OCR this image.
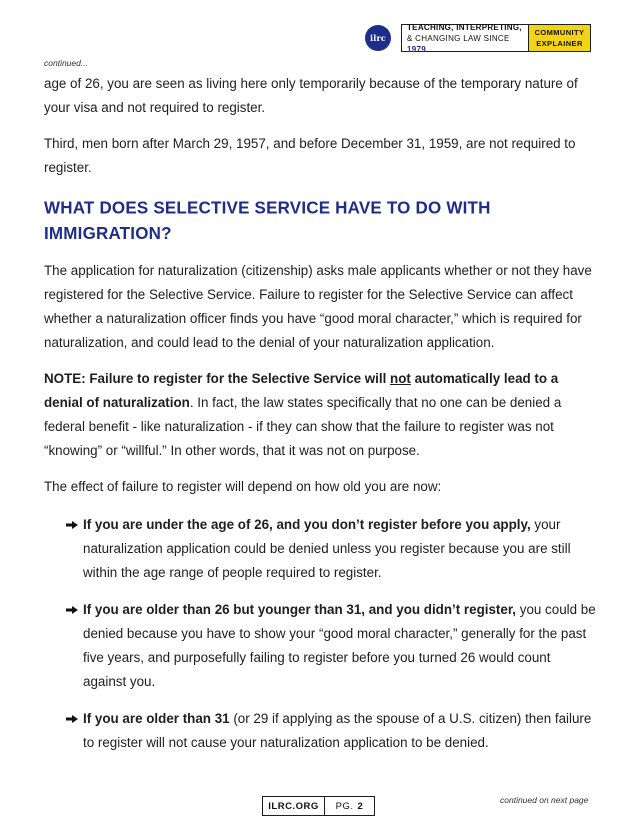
ilrc
TEACHING, INTERPRETING,
& CHANGING LAW SINCE 1979
COMMUNITY
EXPLAINER
continued...

age of 26, you are seen as living here only temporarily because of the temporary nature of your visa and not required to register.

Third, men born after March 29, 1957, and before December 31, 1959, are not required to register.

WHAT DOES SELECTIVE SERVICE HAVE TO DO WITH IMMIGRATION?

The application for naturalization (citizenship) asks male applicants whether or not they have registered for the Selective Service. Failure to register for the Selective Service can affect whether a naturalization officer finds you have “good moral character,” which is required for naturalization, and could lead to the denial of your naturalization application.

NOTE: Failure to register for the Selective Service will not automatically lead to a denial of naturalization. In fact, the law states specifically that no one can be denied a federal benefit - like naturalization - if they can show that the failure to register was not “knowing” or “willful.” In other words, that it was not on purpose.

The effect of failure to register will depend on how old you are now:

If you are under the age of 26, and you don’t register before you apply, your naturalization application could be denied unless you register because you are still within the age range of people required to register.
If you are older than 26 but younger than 31, and you didn’t register, you could be denied because you have to show your “good moral character,” generally for the past five years, and purposefully failing to register before you turned 26 would count against you.
If you are older than 31 (or 29 if applying as the spouse of a U.S. citizen) then failure to register will not cause your naturalization application to be denied.
ILRC.ORG	PG. 2
continued on next page
